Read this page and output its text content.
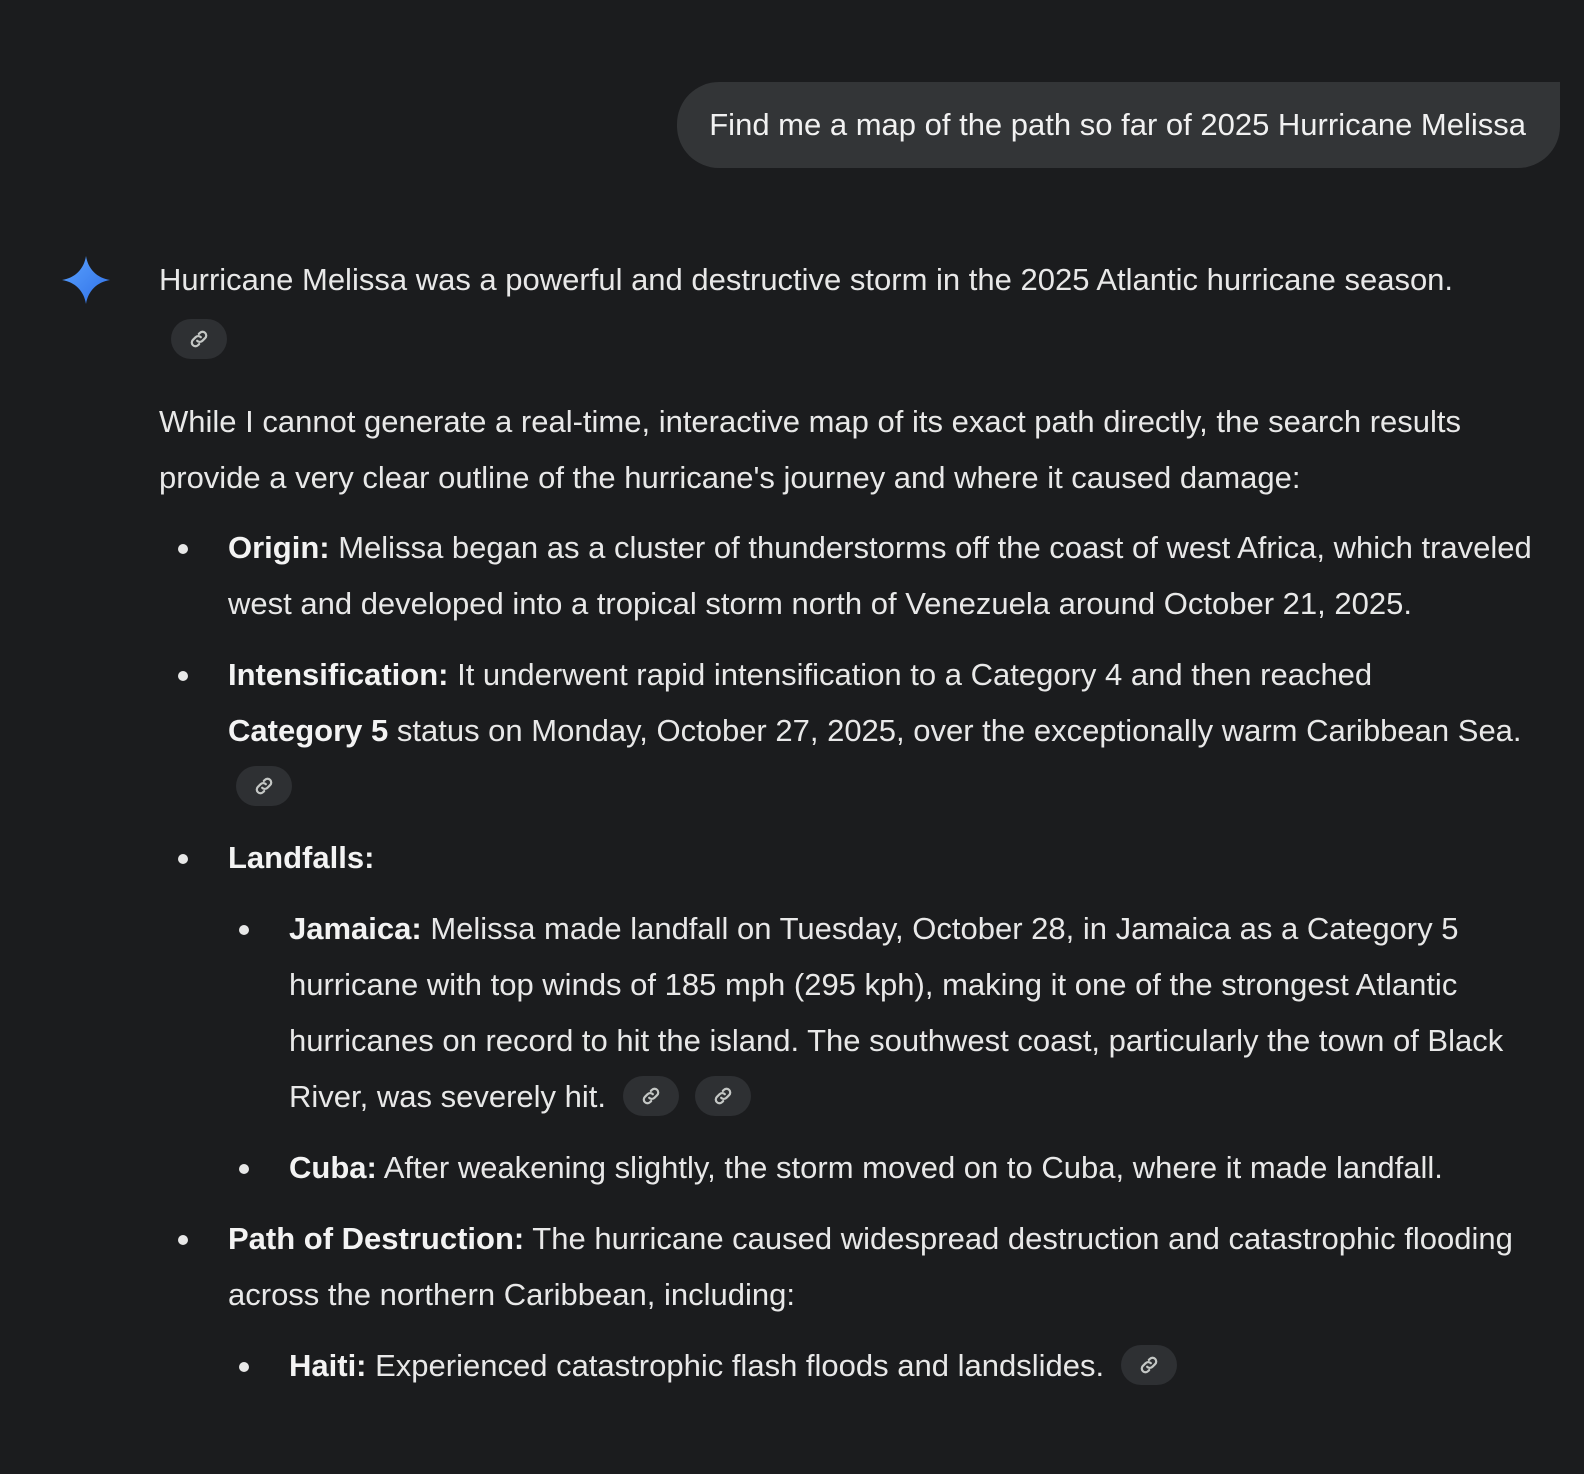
Find me a map of the path so far of 2025 Hurricane Melissa

Hurricane Melissa was a powerful and destructive storm in the 2025 Atlantic hurricane season.

While I cannot generate a real-time, interactive map of its exact path directly, the search results provide a very clear outline of the hurricane's journey and where it caused damage:

Origin: Melissa began as a cluster of thunderstorms off the coast of west Africa, which traveled west and developed into a tropical storm north of Venezuela around October 21, 2025.
Intensification: It underwent rapid intensification to a Category 4 and then reached
Category 5 status on Monday, October 27, 2025, over the exceptionally warm Caribbean Sea.
Landfalls:
Jamaica: Melissa made landfall on Tuesday, October 28, in Jamaica as a Category 5 hurricane with top winds of 185 mph (295 kph), making it one of the strongest Atlantic hurricanes on record to hit the island. The southwest coast, particularly the town of Black River, was severely hit.

Cuba: After weakening slightly, the storm moved on to Cuba, where it made landfall.
Path of Destruction: The hurricane caused widespread destruction and catastrophic flooding across the northern Caribbean, including:
Haiti: Experienced catastrophic flash floods and landslides.
